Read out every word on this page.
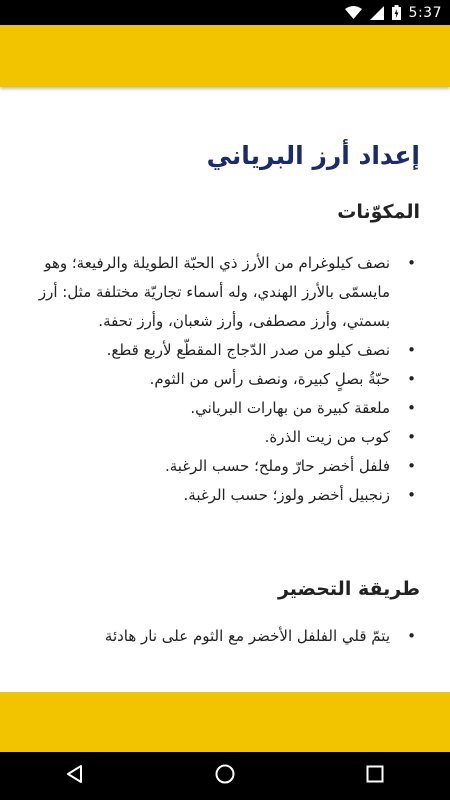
5:37
إعداد أرز البرياني
المكوّنات
• نصف كيلوغرام من الأرز ذي الحبّة الطويلة والرفيعة؛ وهو مايسمّى بالأرز الهندي، وله أسماء تجاريّة مختلفة مثل: أرز بسمتي، وأرز مصطفى، وأرز شعبان، وأرز تحفة.
• نصف كيلو من صدر الدّجاج المقطّع لأربع قطع.
• حبّةُ بصلٍ كبيرة، ونصف رأس من الثوم.
• ملعقة كبيرة من بهارات البرياني.
• كوب من زيت الذرة.
• فلفل أخضر حارّ وملح؛ حسب الرغبة.
• زنجبيل أخضر ولوز؛ حسب الرغبة.
طريقة التحضير
• يتمّ قلي الفلفل الأخضر مع الثوم على نار هادئة
